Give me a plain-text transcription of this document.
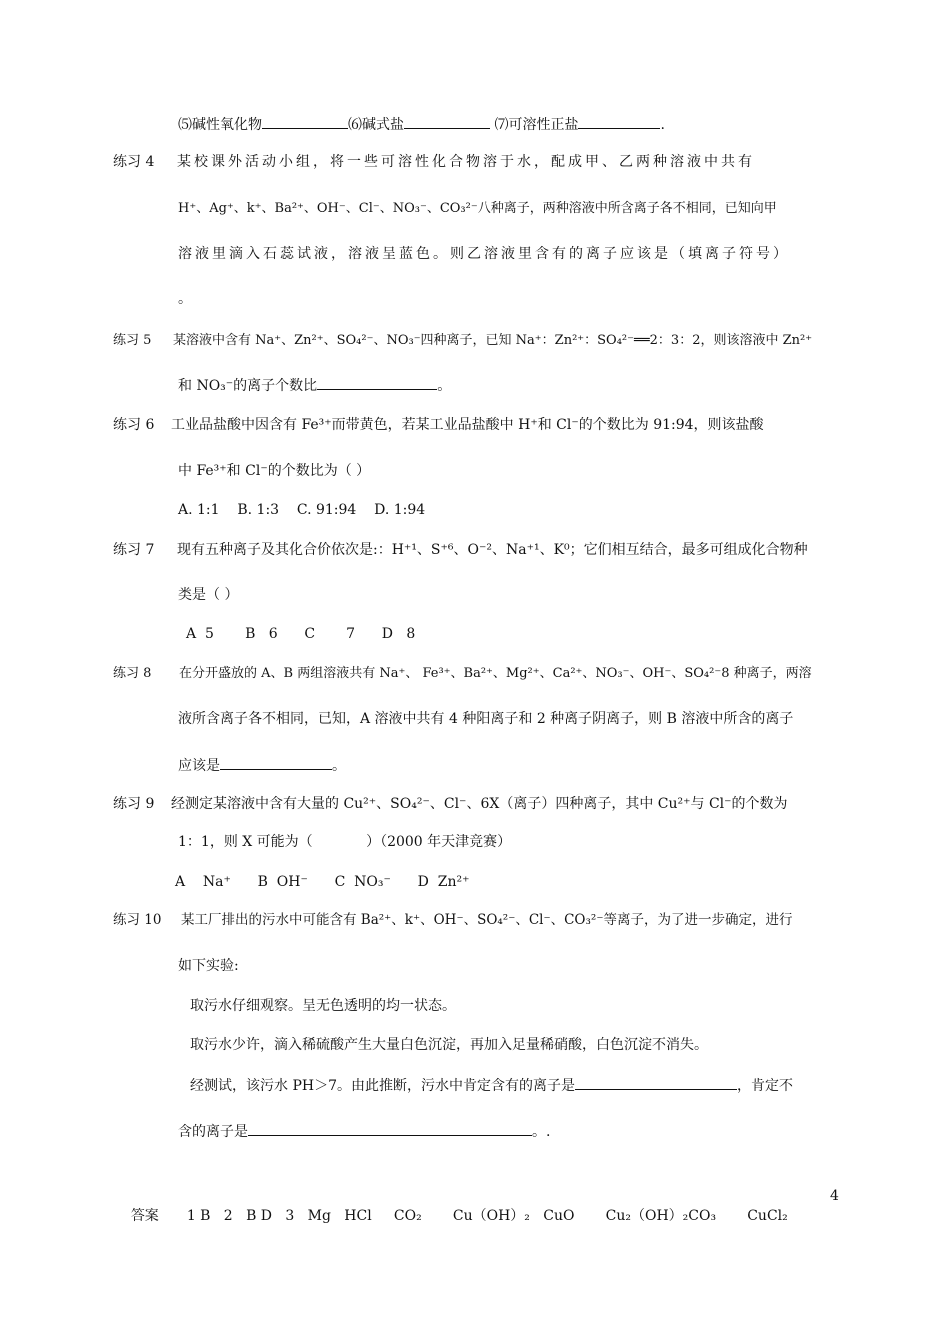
⑸碱性氧化物	⑹碱式盐	⑺可溶性正盐	.
练习 4 某校课外活动小组，将一些可溶性化合物溶于水，配成甲、乙两种溶液中共有
H⁺、Ag⁺、k⁺、Ba²⁺、OH⁻、Cl⁻、NO₃⁻、CO₃²⁻八种离子，两种溶液中所含离子各不相同，已知向甲
溶液里滴入石蕊试液，溶液呈蓝色。则乙溶液里含有的离子应该是（填离子符号）
。
练习 5 某溶液中含有 Na⁺、Zn²⁺、SO₄²⁻、NO₃⁻四种离子，已知 Na⁺：Zn²⁺：SO₄²⁻══2：3：2，则该溶液中 Zn²⁺
和 NO₃⁻的离子个数比	。
练习 6 工业品盐酸中因含有 Fe³⁺而带黄色，若某工业品盐酸中 H⁺和 Cl⁻的个数比为 91:94，则该盐酸
中 Fe³⁺和 Cl⁻的个数比为（ ）
A. 1:1    B. 1:3    C. 91:94    D. 1:94
练习 7 现有五种离子及其化合价依次是:：H⁺¹、S⁺⁶、O⁻²、Na⁺¹、K⁰；它们相互结合，最多可组成化合物种
类是（ ）
A  5       B   6      C       7      D   8
练习 8 在分开盛放的 A、B 两组溶液共有 Na⁺、 Fe³⁺、Ba²⁺、Mg²⁺、Ca²⁺、NO₃⁻、OH⁻、SO₄²⁻8 种离子，两溶
液所含离子各不相同，已知，A 溶液中共有 4 种阳离子和 2 种离子阴离子，则 B 溶液中所含的离子
应该是	。
练习 9 经测定某溶液中含有大量的 Cu²⁺、SO₄²⁻、Cl⁻、6X（离子）四种离子，其中 Cu²⁺与 Cl⁻的个数为
1：1，则 X 可能为（            ）（2000 年天津竞赛）
A    Na⁺      B  OH⁻      C  NO₃⁻      D  Zn²⁺
练习 10 某工厂排出的污水中可能含有 Ba²⁺、k⁺、OH⁻、SO₄²⁻、Cl⁻、CO₃²⁻等离子，为了进一步确定，进行
如下实验:
取污水仔细观察。呈无色透明的均一状态。
取污水少许，滴入稀硫酸产生大量白色沉淀，再加入足量稀硝酸，白色沉淀不消失。
经测试，该污水 PH＞7。由此推断，污水中肯定含有的离子是	，肯定不
含的离子是	。.

答案 1 B   2   B D   3   Mg   HCl     CO₂       Cu（OH）₂   CuO       Cu₂（OH）₂CO₃       CuCl₂

4
